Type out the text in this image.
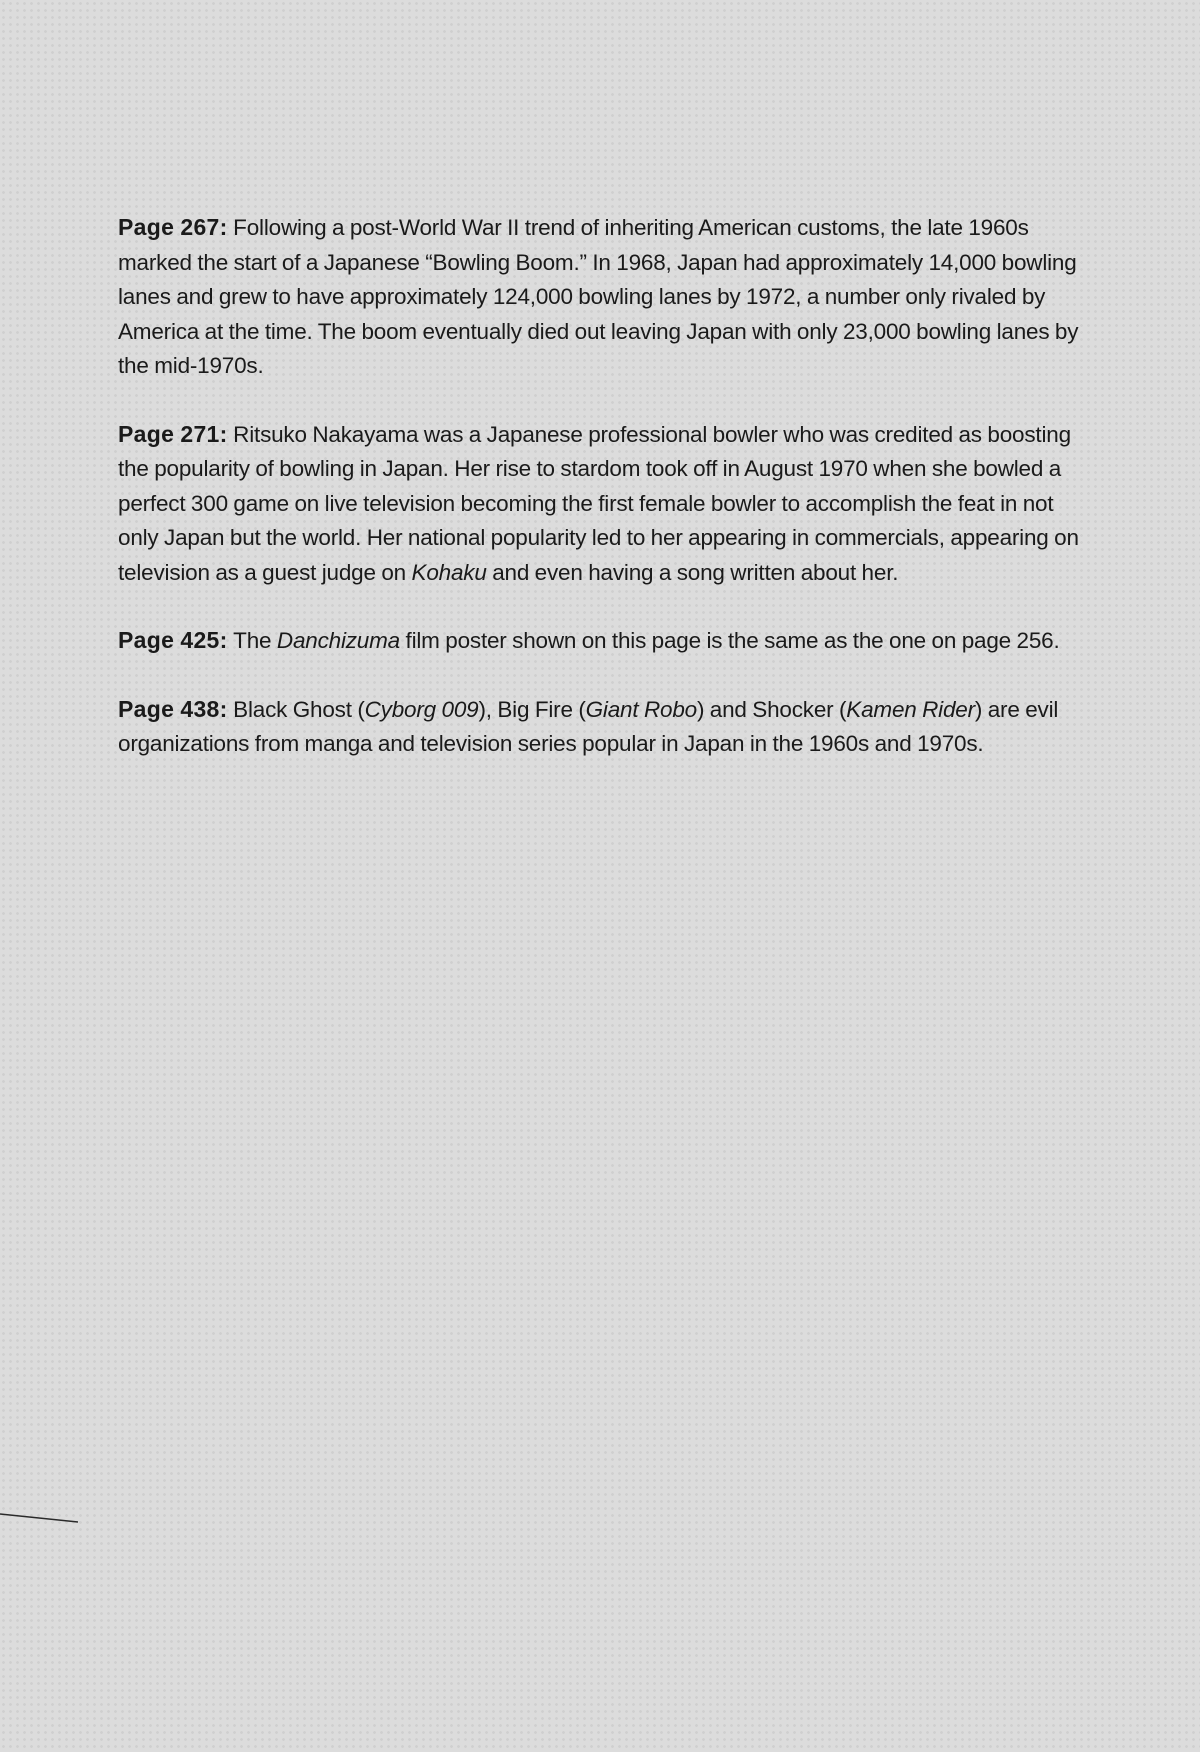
Page 267: Following a post-World War II trend of inheriting American customs, the late 1960s marked the start of a Japanese “Bowling Boom.” In 1968, Japan had approximately 14,000 bowling lanes and grew to have approximately 124,000 bowling lanes by 1972, a number only rivaled by America at the time. The boom eventually died out leaving Japan with only 23,000 bowling lanes by the mid-1970s.

Page 271: Ritsuko Nakayama was a Japanese professional bowler who was credited as boosting the popularity of bowling in Japan. Her rise to stardom took off in August 1970 when she bowled a perfect 300 game on live television becoming the first female bowler to accomplish the feat in not only Japan but the world. Her national popularity led to her appearing in commercials, appearing on television as a guest judge on Kohaku and even having a song written about her.

Page 425: The Danchizuma film poster shown on this page is the same as the one on page 256.

Page 438: Black Ghost (Cyborg 009), Big Fire (Giant Robo) and Shocker (Kamen Rider) are evil organizations from manga and television series popular in Japan in the 1960s and 1970s.
